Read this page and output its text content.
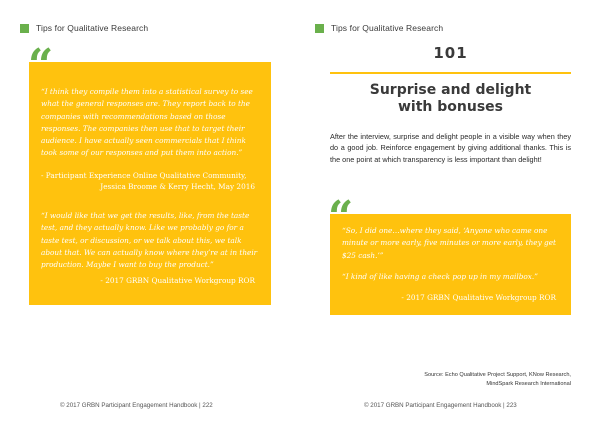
Tips for Qualitative Research
“
“I think they compile them into a statistical survey to see what the general responses are. They report back to the companies with recommendations based on those responses. The companies then use that to target their audience. I have actually seen commercials that I think took some of our responses and put them into action.”
- Participant Experience Online Qualitative Community,
Jessica Broome & Kerry Hecht, May 2016
“I would like that we get the results, like, from the taste test, and they actually know. Like we probably go for a taste test, or discussion, or we talk about this, we talk about that. We can actually know where they’re at in their production. Maybe I want to buy the product.”
- 2017 GRBN Qualitative Workgroup ROR
© 2017 GRBN Participant Engagement Handbook | 222
Tips for Qualitative Research
101
Surprise and delight
with bonuses
After the interview, surprise and delight people in a visible way when they do a good job. Reinforce engagement by giving additional thanks. This is the one point at which transparency is less important than delight!
“
“So, I did one…where they said, ‘Anyone who came one minute or more early, five minutes or more early, they get $25 cash.’”
“I kind of like having a check pop up in my mailbox.”
- 2017 GRBN Qualitative Workgroup ROR
Source: Echo Qualitative Project Support, KNow Research,
MindSpark Research International
© 2017 GRBN Participant Engagement Handbook | 223
